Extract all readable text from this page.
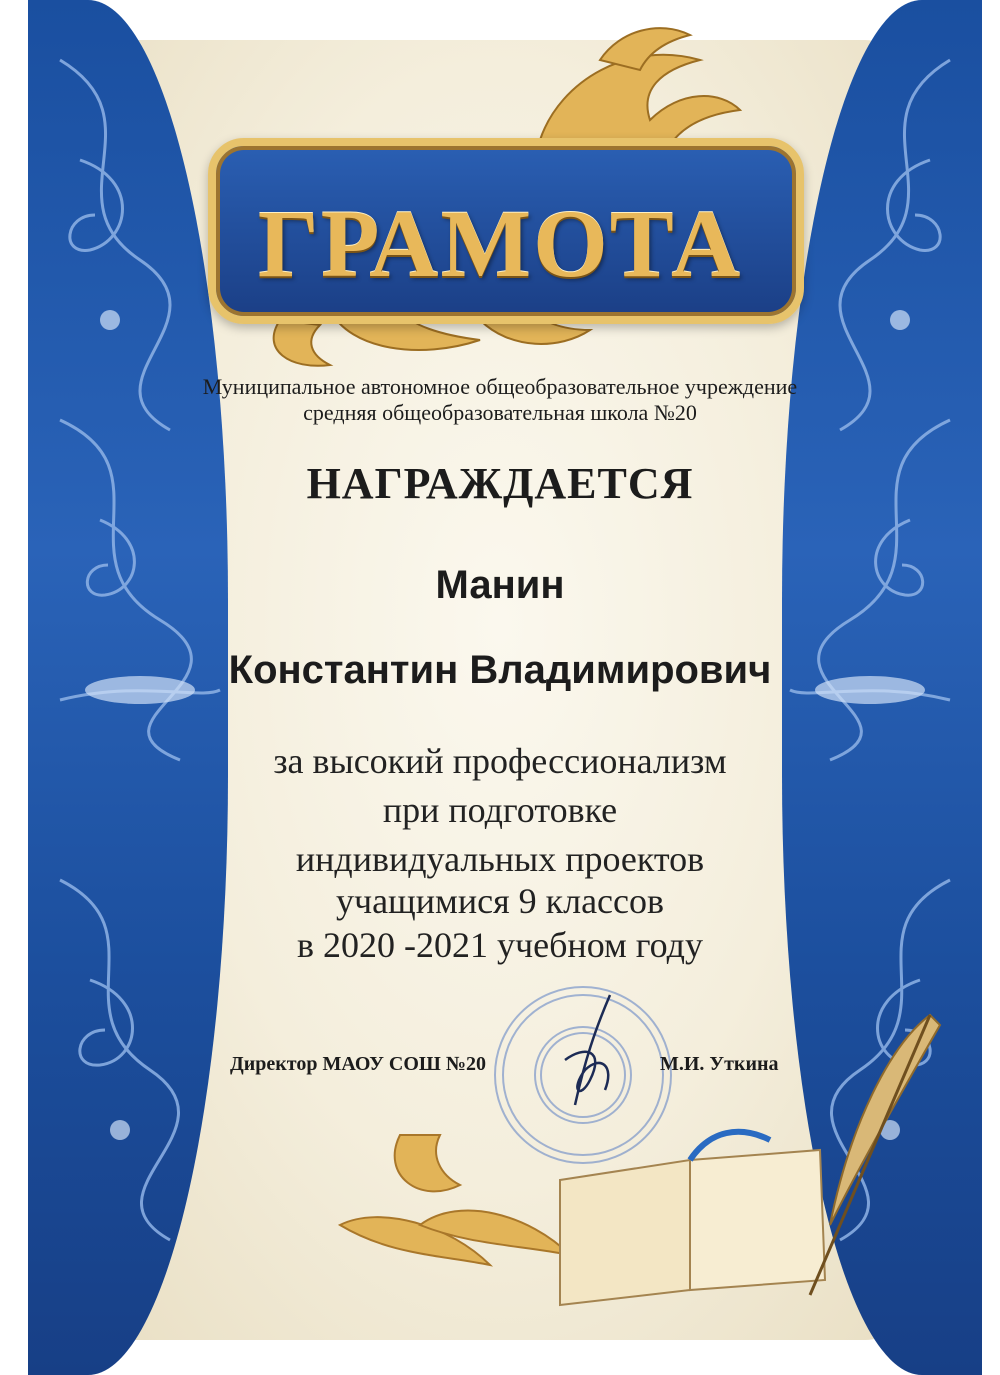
ГРАМОТА
Муниципальное автономное общеобразовательное учреждение
средняя общеобразовательная школа №20
НАГРАЖДАЕТСЯ
Манин
Константин Владимирович
за высокий профессионализм
при подготовке
индивидуальных проектов
учащимися 9 классов
в 2020 -2021 учебном году
Директор МАОУ СОШ №20	М.И. Уткина
